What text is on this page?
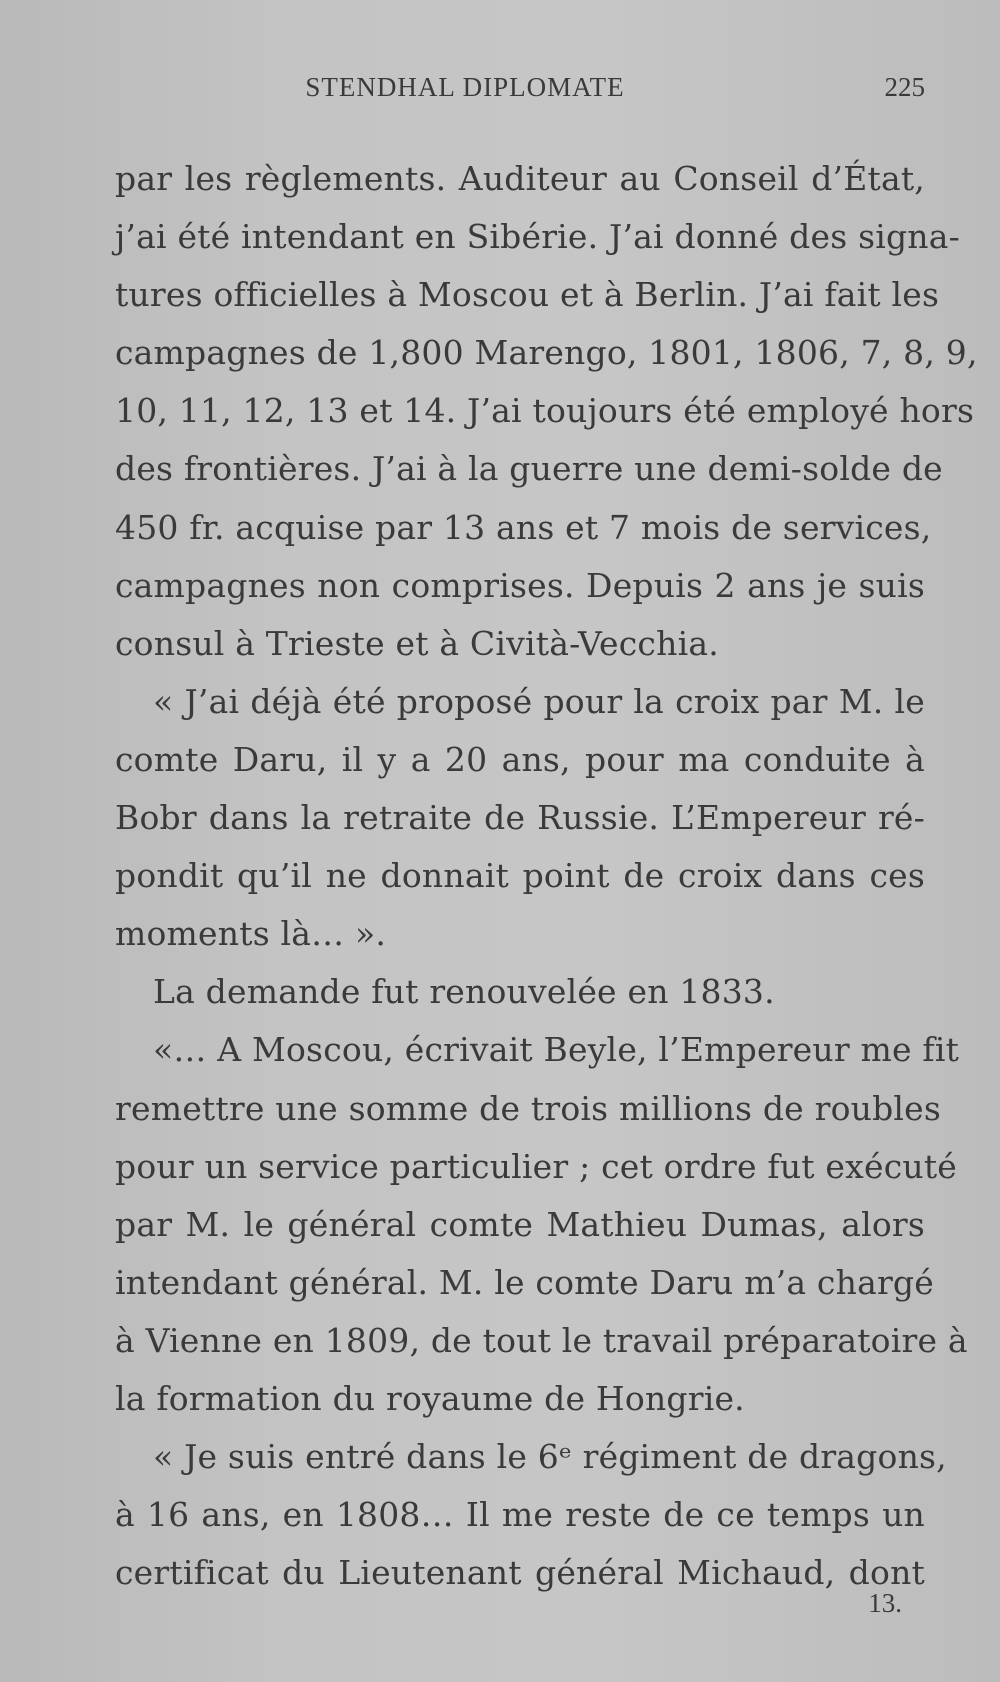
STENDHAL DIPLOMATE	225
par les règlements. Auditeur au Conseil d’État,
j’ai été intendant en Sibérie. J’ai donné des signa-
tures officielles à Moscou et à Berlin. J’ai fait les
campagnes de 1,800 Marengo, 1801, 1806, 7, 8, 9,
10, 11, 12, 13 et 14. J’ai toujours été employé hors
des frontières. J’ai à la guerre une demi-solde de
450 fr. acquise par 13 ans et 7 mois de services,
campagnes non comprises. Depuis 2 ans je suis
consul à Trieste et à Cività-Vecchia.
« J’ai déjà été proposé pour la croix par M. le
comte Daru, il y a 20 ans, pour ma conduite à
Bobr dans la retraite de Russie. L’Empereur ré-
pondit qu’il ne donnait point de croix dans ces
moments là… ».
La demande fut renouvelée en 1833.
«… A Moscou, écrivait Beyle, l’Empereur me fit
remettre une somme de trois millions de roubles
pour un service particulier ; cet ordre fut exécuté
par M. le général comte Mathieu Dumas, alors
intendant général. M. le comte Daru m’a chargé
à Vienne en 1809, de tout le travail préparatoire à
la formation du royaume de Hongrie.
« Je suis entré dans le 6ᵉ régiment de dragons,
à 16 ans, en 1808… Il me reste de ce temps un
certificat du Lieutenant général Michaud, dont
13.
